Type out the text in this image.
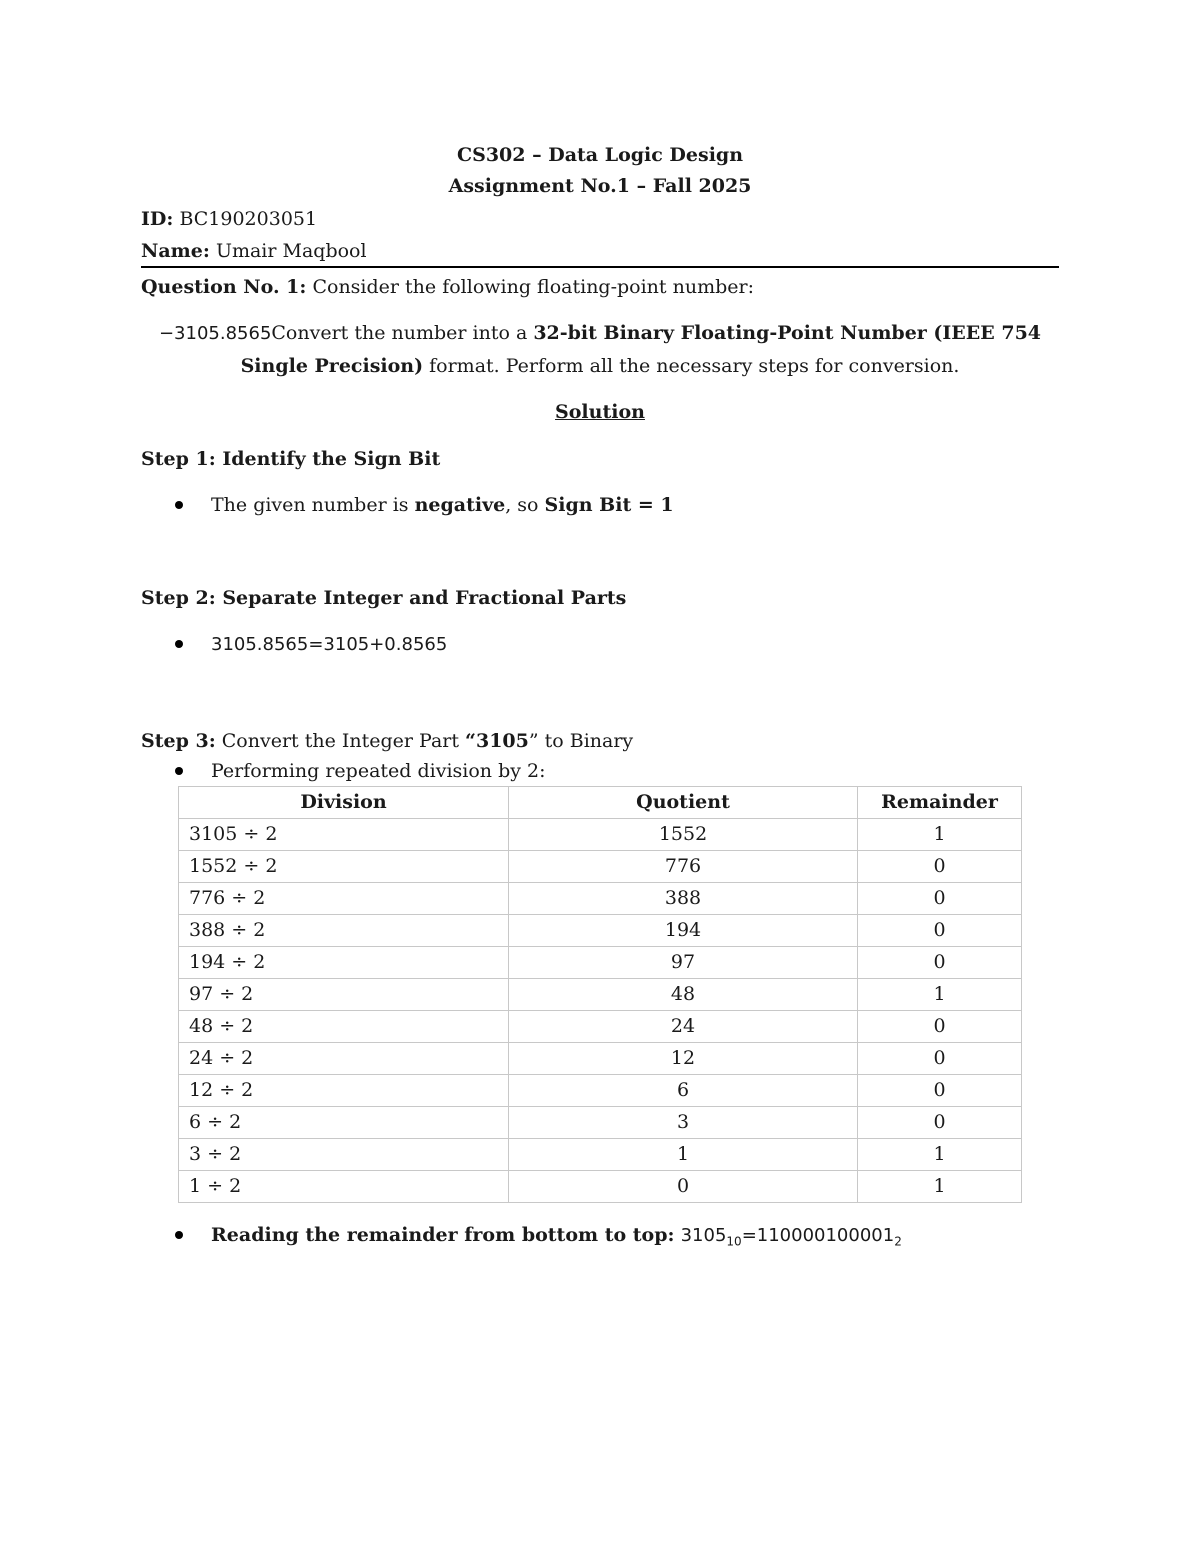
CS302 – Data Logic Design
Assignment No.1 – Fall 2025
ID: BC190203051
Name: Umair Maqbool
Question No. 1: Consider the following floating-point number:
−3105.8565Convert the number into a 32-bit Binary Floating-Point Number (IEEE 754
Single Precision) format. Perform all the necessary steps for conversion.
Solution
Step 1: Identify the Sign Bit
The given number is negative, so Sign Bit = 1
Step 2: Separate Integer and Fractional Parts
3105.8565=3105+0.8565
Step 3: Convert the Integer Part “3105” to Binary
Performing repeated division by 2:
Division	Quotient	Remainder
3105 ÷ 2	1552	1
1552 ÷ 2	776	0
776 ÷ 2	388	0
388 ÷ 2	194	0
194 ÷ 2	97	0
97 ÷ 2	48	1
48 ÷ 2	24	0
24 ÷ 2	12	0
12 ÷ 2	6	0
6 ÷ 2	3	0
3 ÷ 2	1	1
1 ÷ 2	0	1
Reading the remainder from bottom to top: $3105_{10}=110000100001_2$
